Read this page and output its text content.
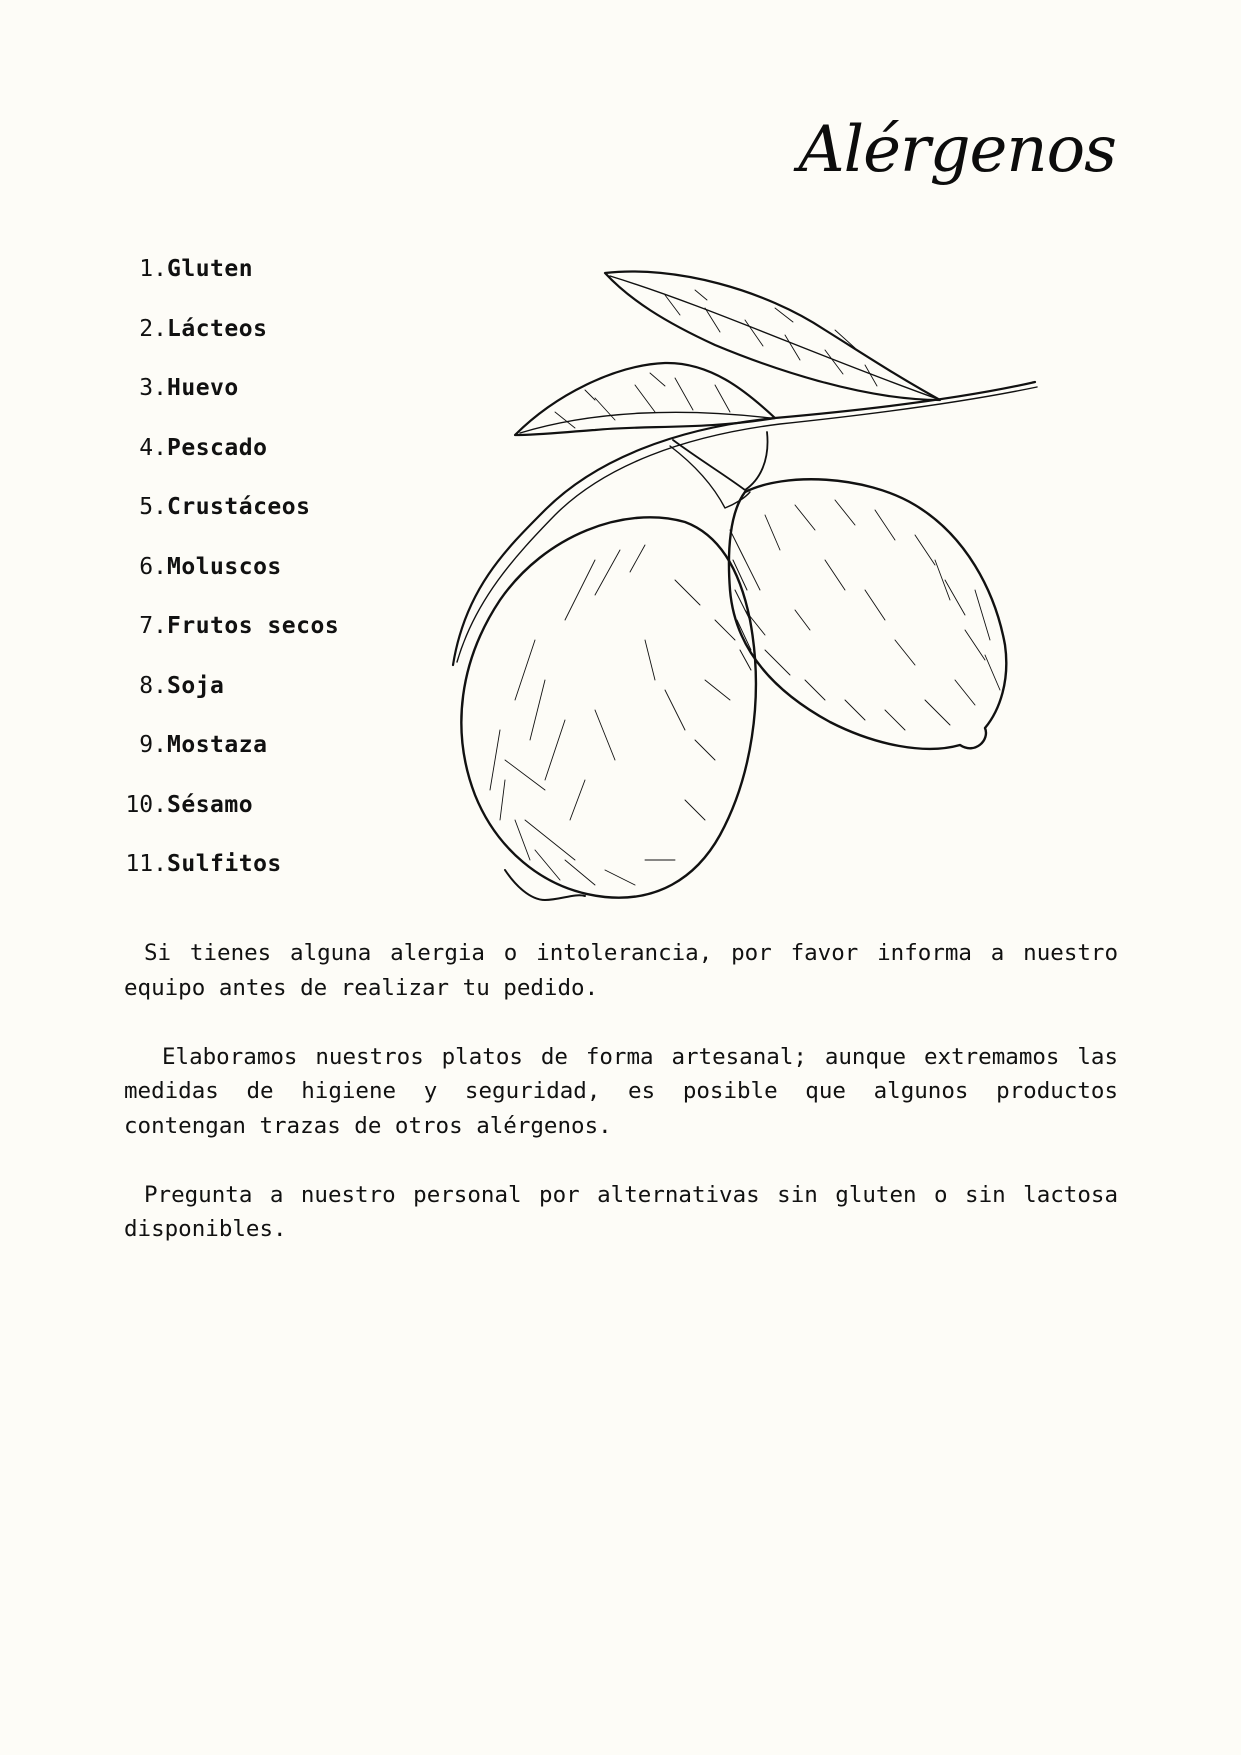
Alérgenos
1. Gluten
2. Lácteos
3. Huevo
4. Pescado
5. Crustáceos
6. Moluscos
7. Frutos secos
8. Soja
9. Mostaza
10. Sésamo
11. Sulfitos

Si tienes alguna alergia o intolerancia, por favor informa a nuestro equipo antes de realizar tu pedido.

Elaboramos nuestros platos de forma artesanal; aunque extremamos las medidas de higiene y seguridad, es posible que algunos productos contengan trazas de otros alérgenos.

Pregunta a nuestro personal por alternativas sin gluten o sin lactosa disponibles.
